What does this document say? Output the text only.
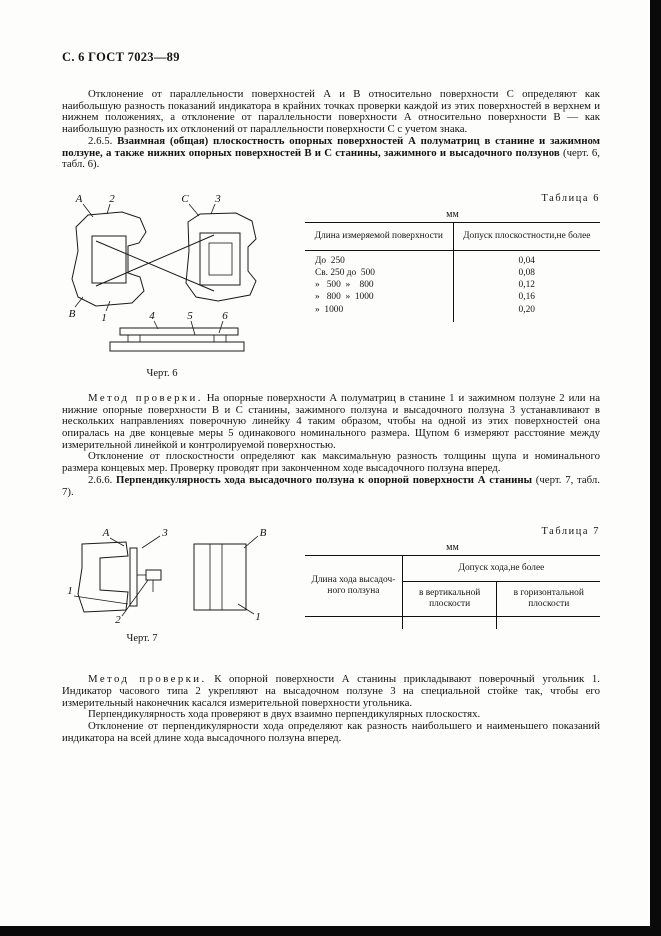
С. 6 ГОСТ 7023—89

Отклонение от параллельности поверхностей А и В относительно поверхности С определяют как наибольшую разность показаний индикатора в крайних точках проверки каждой из этих поверхностей в верхнем и нижнем положениях, а отклонение от параллельности поверхности А относительно поверхности В — как наибольшую разность их отклонений от параллельности поверхности С с учетом знака.

2.6.5. Взаимная (общая) плоскостность опорных поверхностей А полуматриц в станине и зажимном ползуне, а также нижних опорных поверхностей В и С станины, зажимного и высадочного ползунов (черт. 6, табл. 6).

А 2	С 3
В 1	4	5	6
Черт. 6
Таблица 6
мм
Длина измеряемой поверхности	Допуск плоскостности,не более
До  250	0,04
Св. 250 до  500	0,08
»   500  »    800	0,12
»   800  »  1000	0,16
»  1000	0,20

Метод проверки. На опорные поверхности А полуматриц в станине 1 и зажимном ползуне 2 или на нижние опорные поверхности В и С станины, зажимного ползуна и высадочного ползуна 3 устанавливают в нескольких направлениях поверочную линейку 4 таким образом, чтобы на одной из этих поверхностей она опиралась на две концевые меры 5 одинакового номинального размера. Щупом 6 измеряют расстояние между измерительной линейкой и контролируемой поверхностью.

Отклонение от плоскостности определяют как максимальную разность толщины щупа и номинального размера концевых мер. Проверку проводят при законченном ходе высадочного ползуна вперед.

2.6.6. Перпендикулярность хода высадочного ползуна к опорной поверхности А станины (черт. 7, табл. 7).

3
А
1
2
В
1
Черт. 7
Таблица 7
мм
Длина хода высадоч-
ного ползуна	Допуск хода,не более	
	в вертикальной плоскости	в горизонтальной плоскости

Метод проверки. К опорной поверхности А станины прикладывают поверочный угольник 1. Индикатор часового типа 2 укрепляют на высадочном ползуне 3 на специальной стойке так, чтобы его измерительный наконечник касался измерительной поверхности угольника.

Перпендикулярность хода проверяют в двух взаимно перпендикулярных плоскостях.

Отклонение от перпендикулярности хода определяют как разность наибольшего и наименьшего показаний индикатора на всей длине хода высадочного ползуна вперед.
